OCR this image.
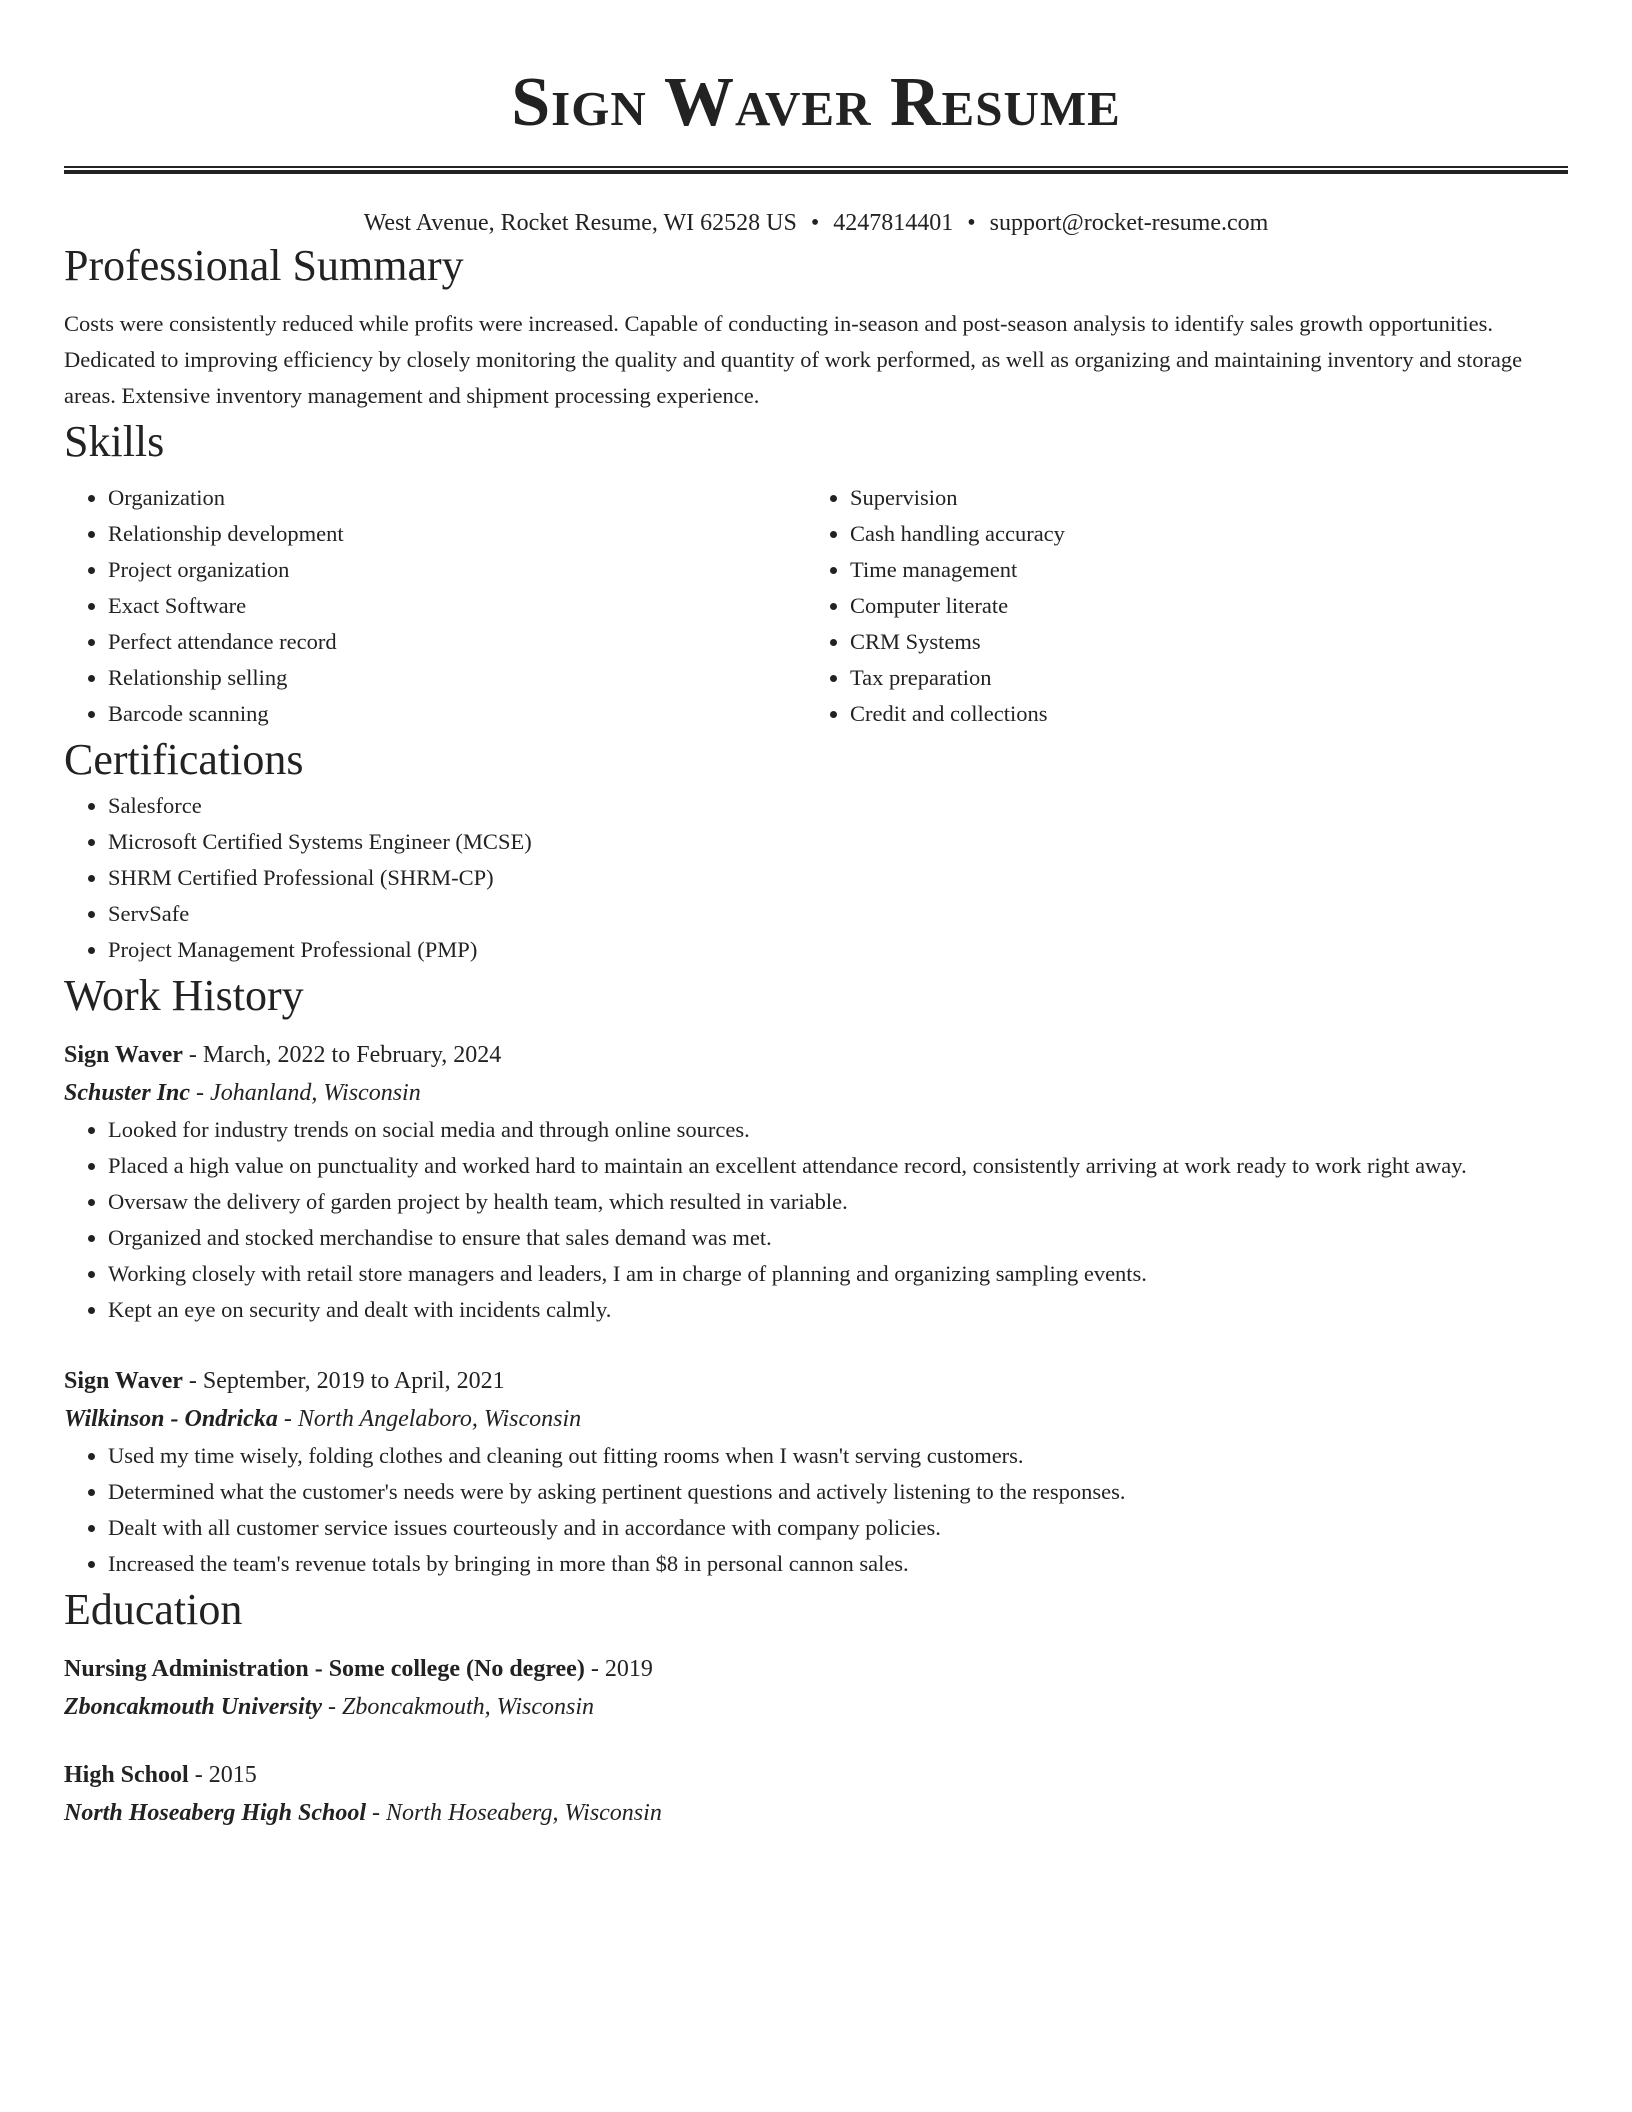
Sign Waver Resume
West Avenue, Rocket Resume, WI 62528 US • 4247814401 • support@rocket-resume.com
Professional Summary
Costs were consistently reduced while profits were increased. Capable of conducting in-season and post-season analysis to identify sales growth opportunities. Dedicated to improving efficiency by closely monitoring the quality and quantity of work performed, as well as organizing and maintaining inventory and storage areas. Extensive inventory management and shipment processing experience.
Skills
• Organization
• Relationship development
• Project organization
• Exact Software
• Perfect attendance record
• Relationship selling
• Barcode scanning
• Supervision
• Cash handling accuracy
• Time management
• Computer literate
• CRM Systems
• Tax preparation
• Credit and collections
Certifications
• Salesforce
• Microsoft Certified Systems Engineer (MCSE)
• SHRM Certified Professional (SHRM-CP)
• ServSafe
• Project Management Professional (PMP)
Work History
Sign Waver - March, 2022 to February, 2024
Schuster Inc - Johanland, Wisconsin
• Looked for industry trends on social media and through online sources.
• Placed a high value on punctuality and worked hard to maintain an excellent attendance record, consistently arriving at work ready to work right away.
• Oversaw the delivery of garden project by health team, which resulted in variable.
• Organized and stocked merchandise to ensure that sales demand was met.
• Working closely with retail store managers and leaders, I am in charge of planning and organizing sampling events.
• Kept an eye on security and dealt with incidents calmly.
Sign Waver - September, 2019 to April, 2021
Wilkinson - Ondricka - North Angelaboro, Wisconsin
• Used my time wisely, folding clothes and cleaning out fitting rooms when I wasn't serving customers.
• Determined what the customer's needs were by asking pertinent questions and actively listening to the responses.
• Dealt with all customer service issues courteously and in accordance with company policies.
• Increased the team's revenue totals by bringing in more than $8 in personal cannon sales.
Education
Nursing Administration - Some college (No degree) - 2019
Zboncakmouth University - Zboncakmouth, Wisconsin
High School - 2015
North Hoseaberg High School - North Hoseaberg, Wisconsin
